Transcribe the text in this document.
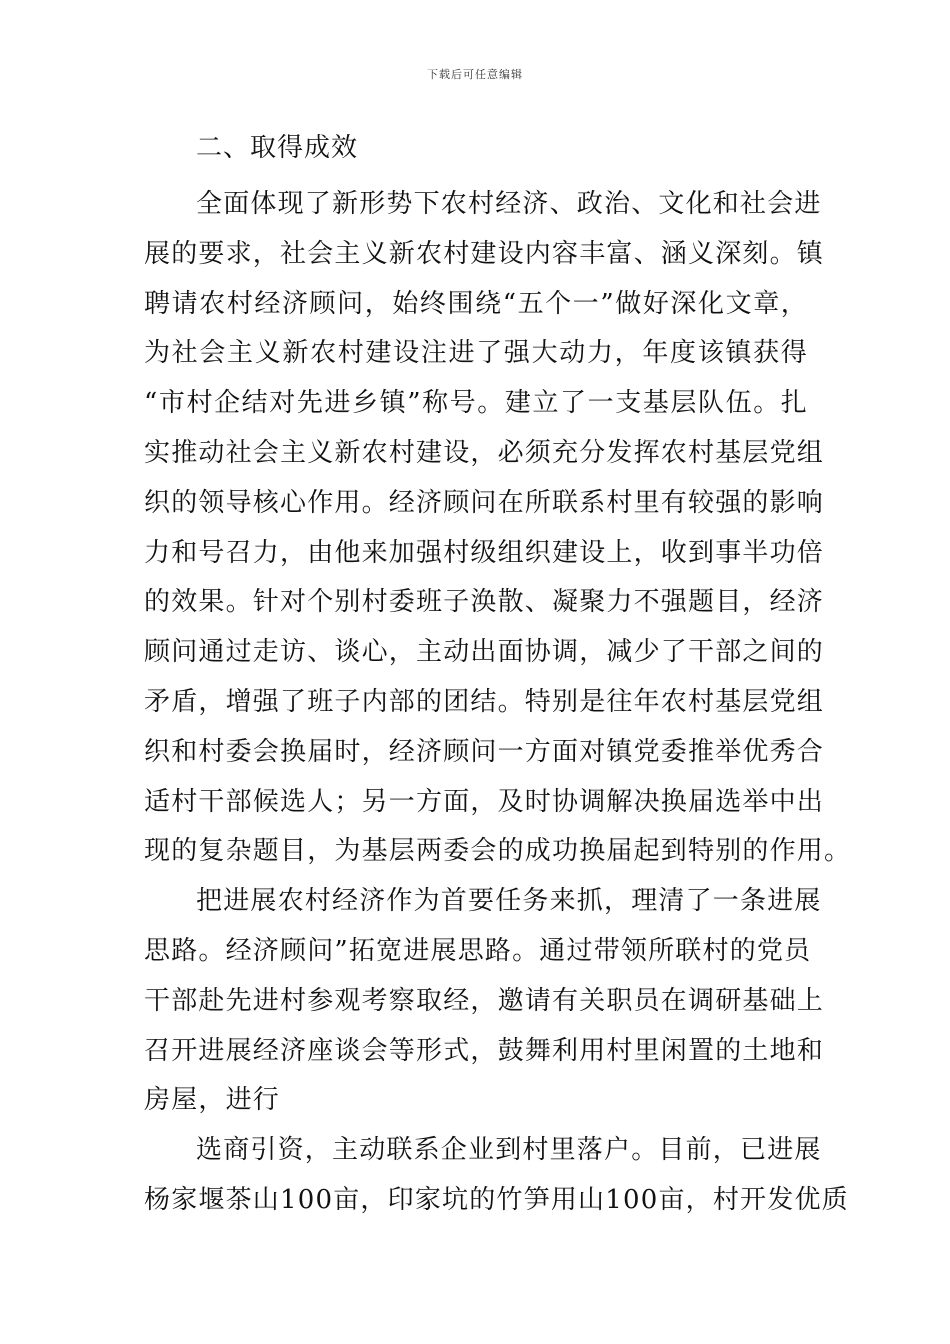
下载后可任意编辑
二、取得成效
全面体现了新形势下农村经济、政治、文化和社会进
展的要求，社会主义新农村建设内容丰富、涵义深刻。镇
聘请农村经济顾问，始终围绕“五个一”做好深化文章，
为社会主义新农村建设注进了强大动力，年度该镇获得
“市村企结对先进乡镇”称号。建立了一支基层队伍。扎
实推动社会主义新农村建设，必须充分发挥农村基层党组
织的领导核心作用。经济顾问在所联系村里有较强的影响
力和号召力，由他来加强村级组织建设上，收到事半功倍
的效果。针对个别村委班子涣散、凝聚力不强题目，经济
顾问通过走访、谈心，主动出面协调，减少了干部之间的
矛盾，增强了班子内部的团结。特别是往年农村基层党组
织和村委会换届时，经济顾问一方面对镇党委推举优秀合
适村干部候选人；另一方面，及时协调解决换届选举中出
现的复杂题目，为基层两委会的成功换届起到特别的作用。
把进展农村经济作为首要任务来抓，理清了一条进展
思路。经济顾问”拓宽进展思路。通过带领所联村的党员
干部赴先进村参观考察取经，邀请有关职员在调研基础上
召开进展经济座谈会等形式，鼓舞利用村里闲置的土地和
房屋，进行
选商引资，主动联系企业到村里落户。目前，已进展
杨家堰茶山100亩，印家坑的竹笋用山100亩，村开发优质
